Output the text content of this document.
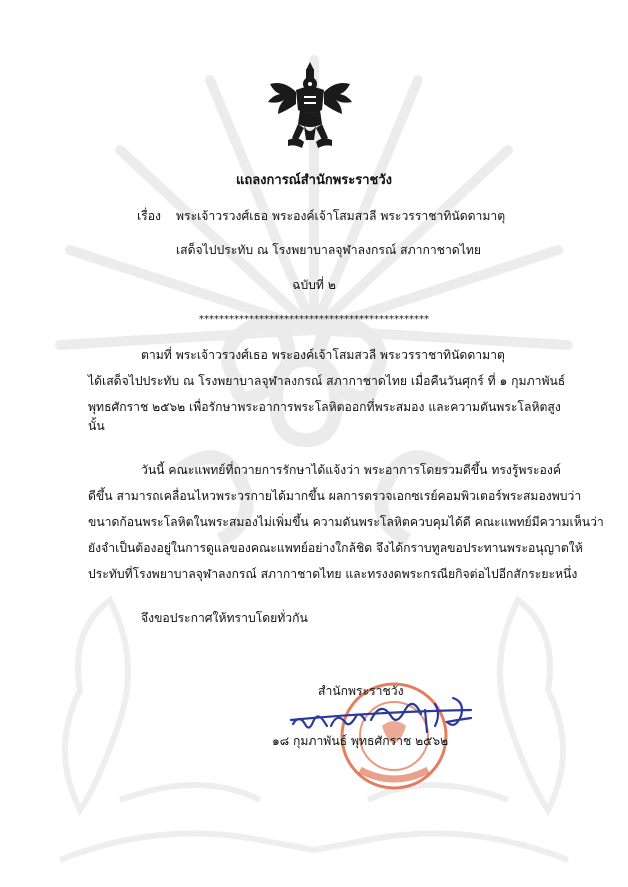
แถลงการณ์สำนักพระราชวัง
เรื่อง พระเจ้าวรวงศ์เธอ พระองค์เจ้าโสมสวลี พระวรราชาทินัดดามาตุ
เสด็จไปประทับ ณ โรงพยาบาลจุฬาลงกรณ์ สภากาชาดไทย
ฉบับที่ ๒
**********************************************
ตามที่ พระเจ้าวรวงศ์เธอ พระองค์เจ้าโสมสวลี พระวรราชาทินัดดามาตุ
ได้เสด็จไปประทับ ณ โรงพยาบาลจุฬาลงกรณ์ สภากาชาดไทย เมื่อคืนวันศุกร์ ที่ ๑ กุมภาพันธ์
พุทธศักราช ๒๕๖๒ เพื่อรักษาพระอาการพระโลหิตออกที่พระสมอง และความดันพระโลหิตสูง
นั้น
วันนี้ คณะแพทย์ที่ถวายการรักษาได้แจ้งว่า พระอาการโดยรวมดีขึ้น ทรงรู้พระองค์
ดีขึ้น สามารถเคลื่อนไหวพระวรกายได้มากขึ้น ผลการตรวจเอกซเรย์คอมพิวเตอร์พระสมองพบว่า
ขนาดก้อนพระโลหิตในพระสมองไม่เพิ่มขึ้น ความดันพระโลหิตควบคุมได้ดี คณะแพทย์มีความเห็นว่า
ยังจำเป็นต้องอยู่ในการดูแลของคณะแพทย์อย่างใกล้ชิด จึงได้กราบทูลขอประทานพระอนุญาตให้
ประทับที่โรงพยาบาลจุฬาลงกรณ์ สภากาชาดไทย และทรงงดพระกรณียกิจต่อไปอีกสักระยะหนึ่ง
จึงขอประกาศให้ทราบโดยทั่วกัน
สำนักพระราชวัง
๑๘ กุมภาพันธ์ พุทธศักราช ๒๕๖๒
